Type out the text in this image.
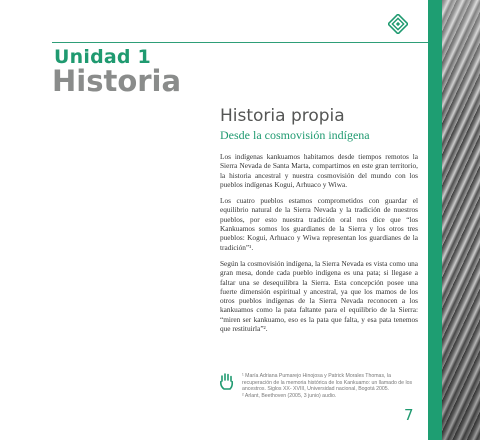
Unidad 1
Historia
Historia propia
Desde la cosmovisión indígena

Los indígenas kankuamos habitamos desde tiempos remotos la Sierra Nevada de Santa Marta, compartimos en este gran territorio, la historia ancestral y nuestra cosmovisión del mundo con los pueblos indígenas Kogui, Arhuaco y Wiwa.

Los cuatro pueblos estamos comprometidos con guardar el equilibrio natural de la Sierra Nevada y la tradición de nuestros pueblos, por esto nuestra tradición oral nos dice que “los Kankuamos somos los guardianes de la Sierra y los otros tres pueblos: Kogui, Arhuaco y Wiwa representan los guardianes de la tradición”¹.

Según la cosmovisión indígena, la Sierra Nevada es vista como una gran mesa, donde cada pueblo indígena es una pata; si llegase a faltar una se desequilibra la Sierra. Esta concepción posee una fuerte dimensión espiritual y ancestral, ya que los mamos de los otros pueblos indígenas de la Sierra Nevada reconocen a los kankuamos como la pata faltante para el equilibrio de la Sierra: “miren ser kankuamo, eso es la pata que falta, y esa pata tenemos que restituirla”².

¹ María Adriana Pumarejo Hinojosa y Patrick Morales Thomas, la recuperación de la memoria histórica de los Kankuamo: un llamado de los ancestros. Siglos XX- XVIII, Universidad nacional, Bogotá 2005.

² Arlant, Beethoven (2005, 3 junio) audio.

7
